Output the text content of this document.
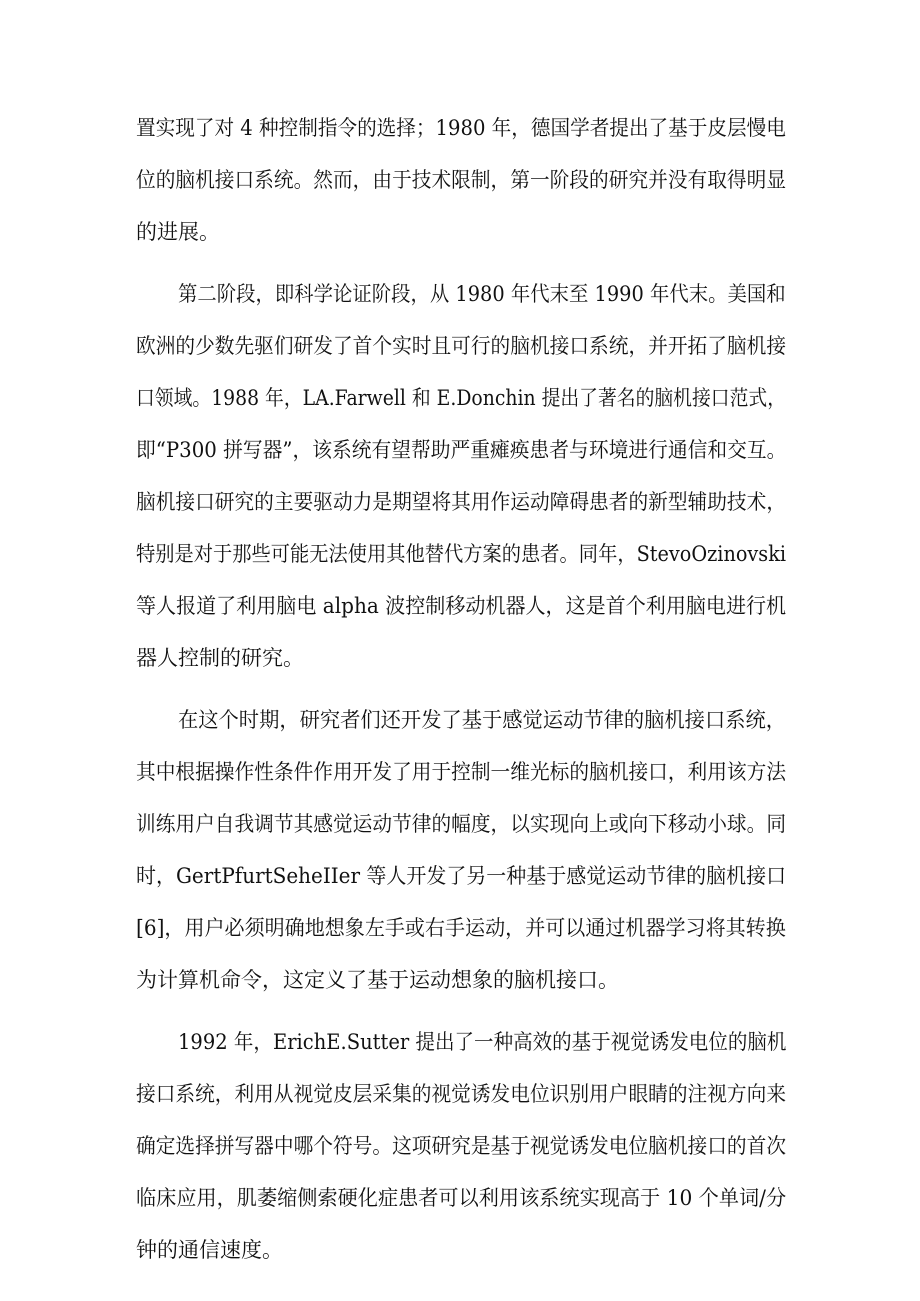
置实现了对 4 种控制指令的选择；1980 年，德国学者提出了基于皮层慢电
位的脑机接口系统。然而，由于技术限制，第一阶段的研究并没有取得明显
的进展。
第二阶段，即科学论证阶段，从 1980 年代末至 1990 年代末。美国和
欧洲的少数先驱们研发了首个实时且可行的脑机接口系统，并开拓了脑机接
口领域。1988 年，LA.Farwell 和 E.Donchin 提出了著名的脑机接口范式，
即“P300 拼写器”，该系统有望帮助严重瘫痪患者与环境进行通信和交互。
脑机接口研究的主要驱动力是期望将其用作运动障碍患者的新型辅助技术，
特别是对于那些可能无法使用其他替代方案的患者。同年，StevoOzinovski
等人报道了利用脑电 alpha 波控制移动机器人，这是首个利用脑电进行机
器人控制的研究。
在这个时期，研究者们还开发了基于感觉运动节律的脑机接口系统，
其中根据操作性条件作用开发了用于控制一维光标的脑机接口，利用该方法
训练用户自我调节其感觉运动节律的幅度，以实现向上或向下移动小球。同
时，GertPfurtSeheIIer 等人开发了另一种基于感觉运动节律的脑机接口
[6]，用户必须明确地想象左手或右手运动，并可以通过机器学习将其转换
为计算机命令，这定义了基于运动想象的脑机接口。
1992 年，ErichE.Sutter 提出了一种高效的基于视觉诱发电位的脑机
接口系统，利用从视觉皮层采集的视觉诱发电位识别用户眼睛的注视方向来
确定选择拼写器中哪个符号。这项研究是基于视觉诱发电位脑机接口的首次
临床应用，肌萎缩侧索硬化症患者可以利用该系统实现高于 10 个单词/分
钟的通信速度。
